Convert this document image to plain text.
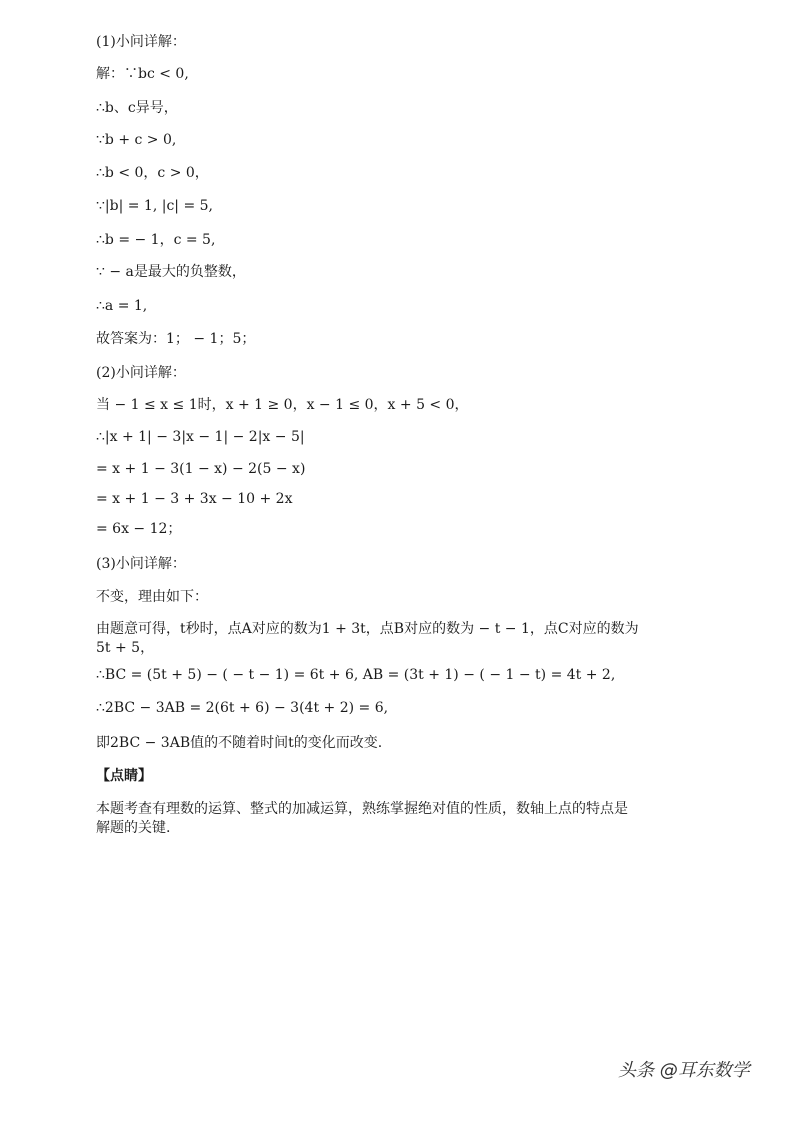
(1)小问详解：
解：∵bc < 0,
∴b、c异号，
∵b + c > 0,
∴b < 0，c > 0，
∵|b| = 1, |c| = 5,
∴b = − 1，c = 5,
∵ − a是最大的负整数，
∴a = 1,
故答案为：1； − 1；5；
(2)小问详解：
当 − 1 ≤ x ≤ 1时，x + 1 ≥ 0，x − 1 ≤ 0，x + 5 < 0，
∴|x + 1| − 3|x − 1| − 2|x − 5|
= x + 1 − 3(1 − x) − 2(5 − x)
= x + 1 − 3 + 3x − 10 + 2x
= 6x − 12；
(3)小问详解：
不变，理由如下：
由题意可得，t秒时，点A对应的数为1 + 3t，点B对应的数为 − t − 1，点C对应的数为5t + 5，
∴BC = (5t + 5) − ( − t − 1) = 6t + 6, AB = (3t + 1) − ( − 1 − t) = 4t + 2,
∴2BC − 3AB = 2(6t + 6) − 3(4t + 2) = 6,
即2BC − 3AB值的不随着时间t的变化而改变.
【点睛】
本题考查有理数的运算、整式的加减运算，熟练掌握绝对值的性质，数轴上点的特点是解题的关键.
头条 @耳东数学
